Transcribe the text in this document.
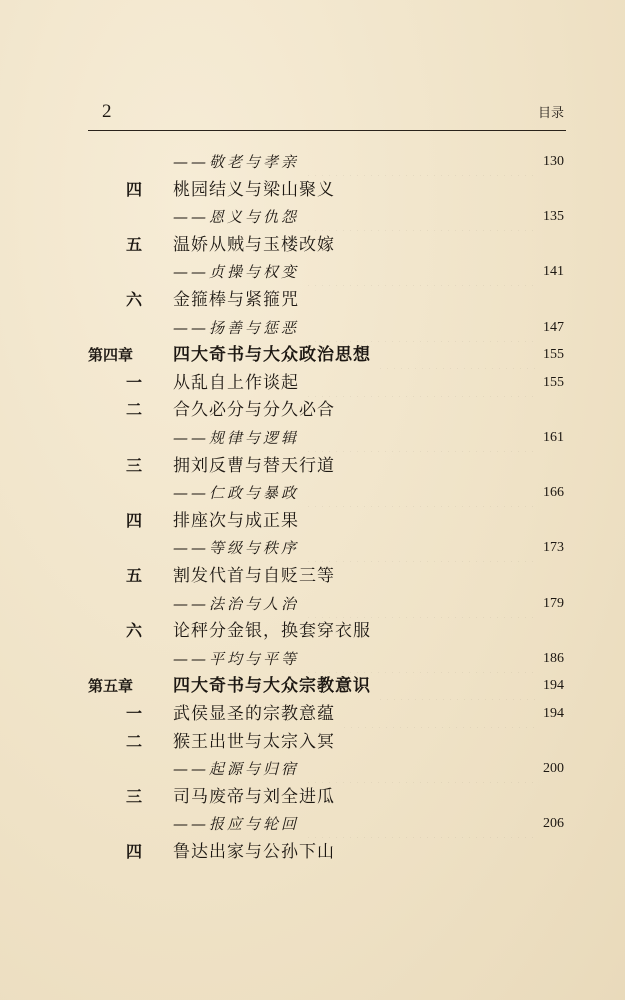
2	目录
——敬老与孝亲	130
四 桃园结义与梁山聚义
——恩义与仇怨	135
五 温娇从贼与玉楼改嫁
——贞操与权变	141
六 金箍棒与紧箍咒
——扬善与惩恶	147
第四章 四大奇书与大众政治思想	155
一 从乱自上作谈起	155
二 合久必分与分久必合
——规律与逻辑	161
三 拥刘反曹与替天行道
——仁政与暴政	166
四 排座次与成正果
——等级与秩序	173
五 割发代首与自贬三等
——法治与人治	179
六 论秤分金银，换套穿衣服
——平均与平等	186
第五章 四大奇书与大众宗教意识	194
一 武侯显圣的宗教意蕴	194
二 猴王出世与太宗入冥
——起源与归宿	200
三 司马废帝与刘全进瓜
——报应与轮回	206
四 鲁达出家与公孙下山
